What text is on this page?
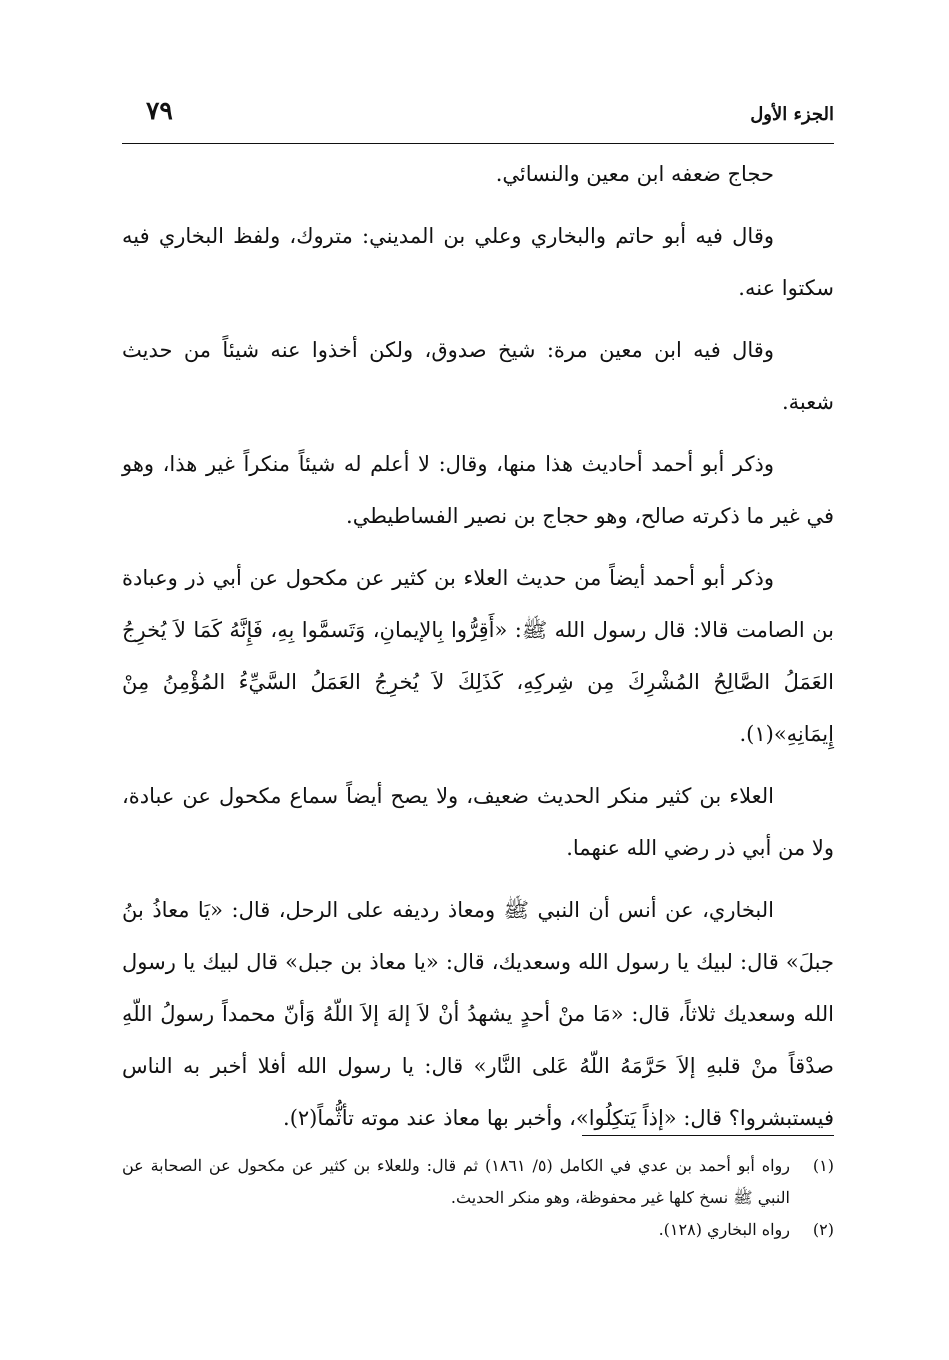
الجزء الأول
٧٩

حجاج ضعفه ابن معين والنسائي.

وقال فيه أبو حاتم والبخاري وعلي بن المديني: متروك، ولفظ البخاري فيه سكتوا عنه.

وقال فيه ابن معين مرة: شيخ صدوق، ولكن أخذوا عنه شيئاً من حديث شعبة.

وذكر أبو أحمد أحاديث هذا منها، وقال: لا أعلم له شيئاً منكراً غير هذا، وهو في غير ما ذكرته صالح، وهو حجاج بن نصير الفساطيطي.

وذكر أبو أحمد أيضاً من حديث العلاء بن كثير عن مكحول عن أبي ذر وعبادة بن الصامت قالا: قال رسول الله ﷺ: «أَقِرُّوا بِالإيمانِ، وَتَسمَّوا بِهِ، فَإِنَّهُ كَمَا لاَ يُخرِجُ العَمَلُ الصَّالِحُ المُشْرِكَ مِن شِركِهِ، كَذَلِكَ لاَ يُخرِجُ العَمَلُ السَّيِّءُ المُؤْمِنُ مِنْ إِيمَانِهِ»(١).

العلاء بن كثير منكر الحديث ضعيف، ولا يصح أيضاً سماع مكحول عن عبادة، ولا من أبي ذر رضي الله عنهما.

البخاري، عن أنس أن النبي ﷺ ومعاذ رديفه على الرحل، قال: «يَا معاذُ بنُ جبلَ» قال: لبيك يا رسول الله وسعديك، قال: «يا معاذ بن جبل» قال لبيك يا رسول الله وسعديك ثلاثاً، قال: «مَا منْ أحدٍ يشهدُ أنْ لاَ إلهَ إلاَ اللّهُ وَأنّ محمداً رسولُ اللّهِ صدْقاً منْ قلبهِ إلاَ حَرَّمَهُ اللّهُ عَلى النَّار» قال: يا رسول الله أفلا أخبر به الناس فيستبشروا؟ قال: «إذاً يَتكِلُوا»، وأخبر بها معاذ عند موته تأثُّماً(٢).

(١)
رواه أبو أحمد بن عدي في الكامل (٥/ ١٨٦١) ثم قال: وللعلاء بن كثير عن مكحول عن الصحابة عن النبي ﷺ نسخ كلها غير محفوظة، وهو منكر الحديث.

(٢)
رواه البخاري (١٢٨).
